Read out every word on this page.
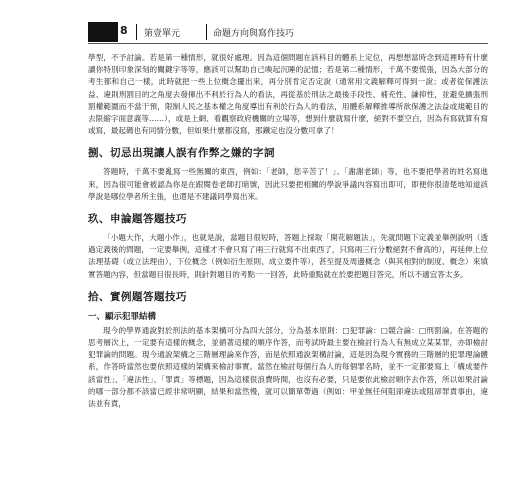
8 第壹單元	命題方向與寫作技巧

學型，不予討論。若是第一種情形，就很好處理。因為這個問題在該科目的體系上定位，再想想當時念到這裡時有什麼讀你特別印象深刻的關鍵字等等，應該可以幫助自己喚起沉睡的記憶；若是第二種情形，千萬不要慌張，因為大部分的考生都和自己一樣，此時就把一些上位概念擺出來，再分別肯定否定說（通常用文義解釋可得到一說；或者從保護法益、違則刑罰目的之角度去發揮出不利於行為人的看法，再從基於刑法之最後手段性、補充性、謙抑性，並避免擴張刑罰權範圍而不當干預，限制人民之基本權之角度導出有利於行為人的看法，用體系解釋推導所欲保護之法益或規範目的去限縮字面意義等……），或是上網、看觀察政府機關的立場等，想到什麼就寫什麼，絕對不要空白，因為有寫就算有寫或寫，最起碼也有同情分數，但如果什麼都沒寫，那鐵定也沒分數可拿了！

捌、切忌出現讓人誤有作弊之嫌的字詞

答題時，千萬不要亂寫一些無關的東西，例如：「老師，您辛苦了！」、「謝謝老師」等，也不要把學者的姓名寫進來，因為很可能會被認為你是在跟閱卷老師打暗號，因此只要把相關的學說爭議內容寫出即可，即便你很清楚地知道該學說是哪位學者所主張，也還是不建議同學寫出來。

玖、申論題答題技巧

「小題大作，大題小作」，也就是說，當題目很短時，答題上採取「開花解題法」，先就問題下定義並舉例說明（透過定義後的問題，一定要舉例，這樣才不會只寫了兩三行就寫不出東西了，只寫兩三行分數絕對不會高的），再延伸上位法理基礎（或立法理由），下位概念（例如衍生原則、成立要件等），甚至提及周邊概念（與其相對的制度、概念）來填實答題內容，但當題目很長時，則針對題目的考點一一回答，此時重點就在於要把題目答完，所以不適宜答太多。

拾、實例題答題技巧
一、顯示犯罪結構

現今的學界通說對於刑法的基本架構可分為四大部分，分為基本原則：□犯罪論：□競合論：□刑罰論。在答題的思考層次上，一定要有這樣的概念，並循著這樣的順序作答，而考試時最主要在檢討行為人有無成立某某罪，亦即檢討犯罪論的問題。現今通說架構之三階層理論來作答，而是依照通說架構討論，這是因為現今實務的三階層的犯罪理論體系，作答時當然也要依照這樣的架構來檢討事實。當然在檢討每個行為人的每個罪名時，並不一定都要寫上「構成要件該當性」、「違法性」、「罪責」等標題，因為這樣很浪費時間，也沒有必要，只是要依此檢討順序去作答，所以如果討論的哪一部分都不該當已經非常明顯，結果和當然慢，就可以簡單帶過（例如：甲並無任何阻卻違法或阻卻罪責事由，違法並有責，
